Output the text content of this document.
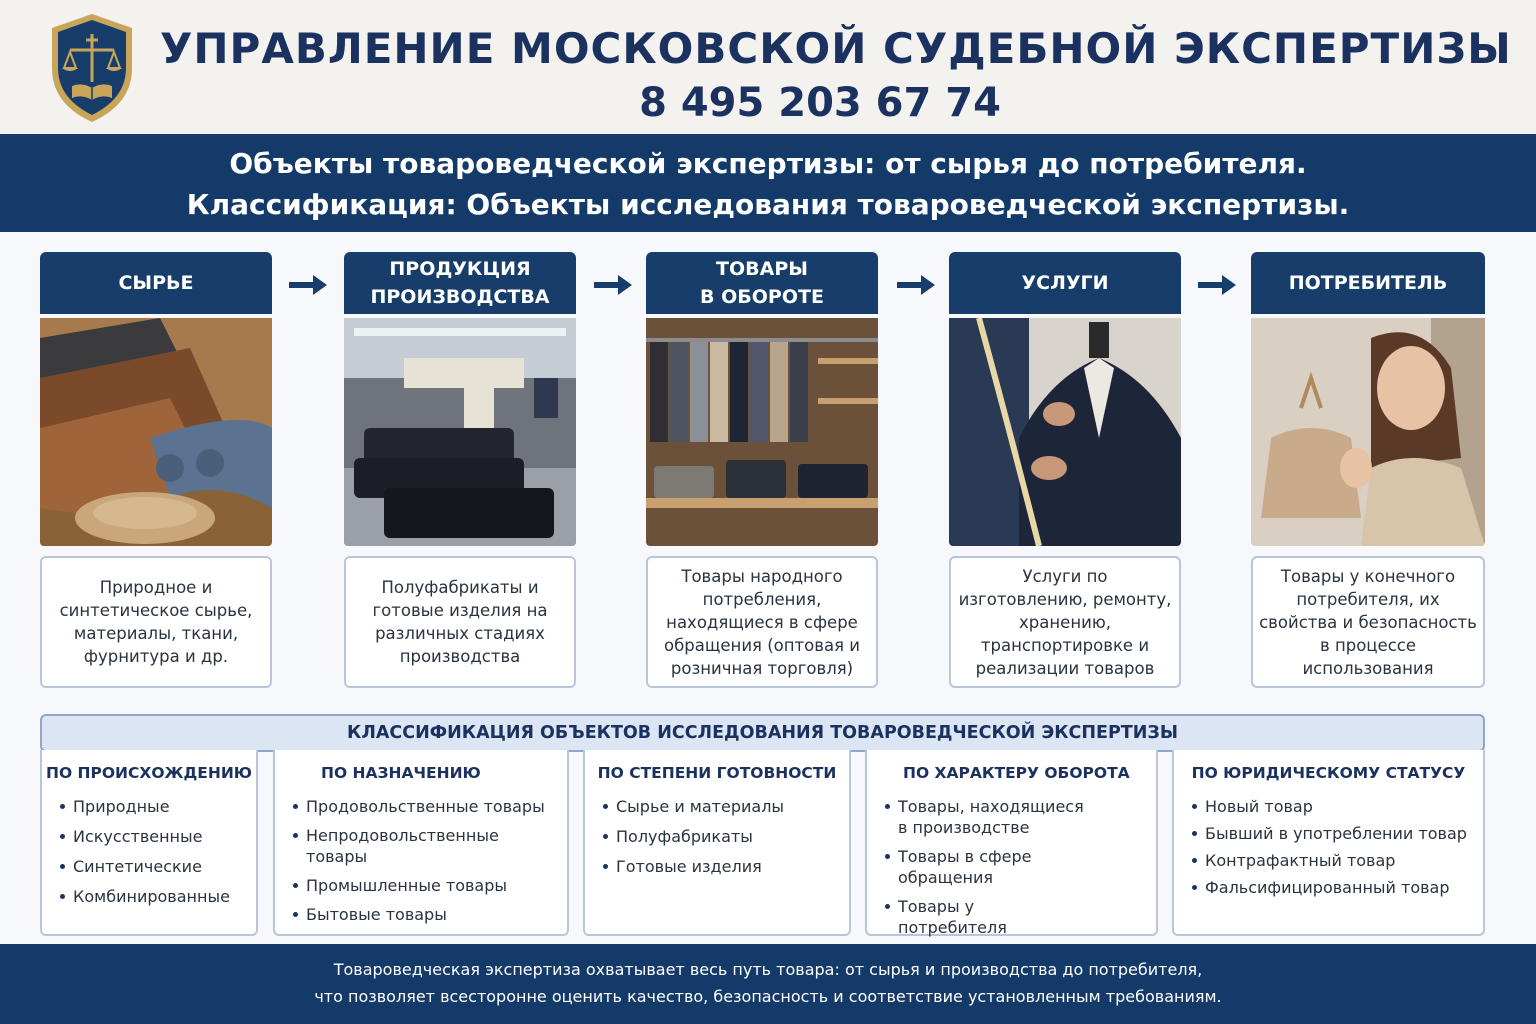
УПРАВЛЕНИЕ МОСКОВСКОЙ СУДЕБНОЙ ЭКСПЕРТИЗЫ
8 495 203 67 74
Объекты товароведческой экспертизы: от сырья до потребителя.
Классификация: Объекты исследования товароведческой экспертизы.
СЫРЬЕ
Природное и синтетическое сырье, материалы, ткани, фурнитура и др.
ПРОДУКЦИЯ
ПРОИЗВОДСТВА
Полуфабрикаты и готовые изделия на различных стадиях производства
ТОВАРЫ
В ОБОРОТЕ
Товары народного потребления, находящиеся в сфере обращения (оптовая и розничная торговля)
УСЛУГИ
Услуги по изготовлению, ремонту, хранению, транспортировке и реализации товаров
ПОТРЕБИТЕЛЬ
Товары у конечного потребителя, их свойства и безопасность в процессе использования
КЛАССИФИКАЦИЯ ОБЪЕКТОВ ИССЛЕДОВАНИЯ ТОВАРОВЕДЧЕСКОЙ ЭКСПЕРТИЗЫ
ПО ПРОИСХОЖДЕНИЮ
Природные
Искусственные
Синтетические
Комбинированные
ПО НАЗНАЧЕНИЮ
Продовольственные товары
Непродовольственные товары
Промышленные товары
Бытовые товары
ПО СТЕПЕНИ ГОТОВНОСТИ
Сырье и материалы
Полуфабрикаты
Готовые изделия
ПО ХАРАКТЕРУ ОБОРОТА
Товары, находящиеся в производстве
Товары в сфере обращения
Товары у потребителя
ПО ЮРИДИЧЕСКОМУ СТАТУСУ
Новый товар
Бывший в употреблении товар
Контрафактный товар
Фальсифицированный товар
Товароведческая экспертиза охватывает весь путь товара: от сырья и производства до потребителя,
что позволяет всесторонне оценить качество, безопасность и соответствие установленным требованиям.
